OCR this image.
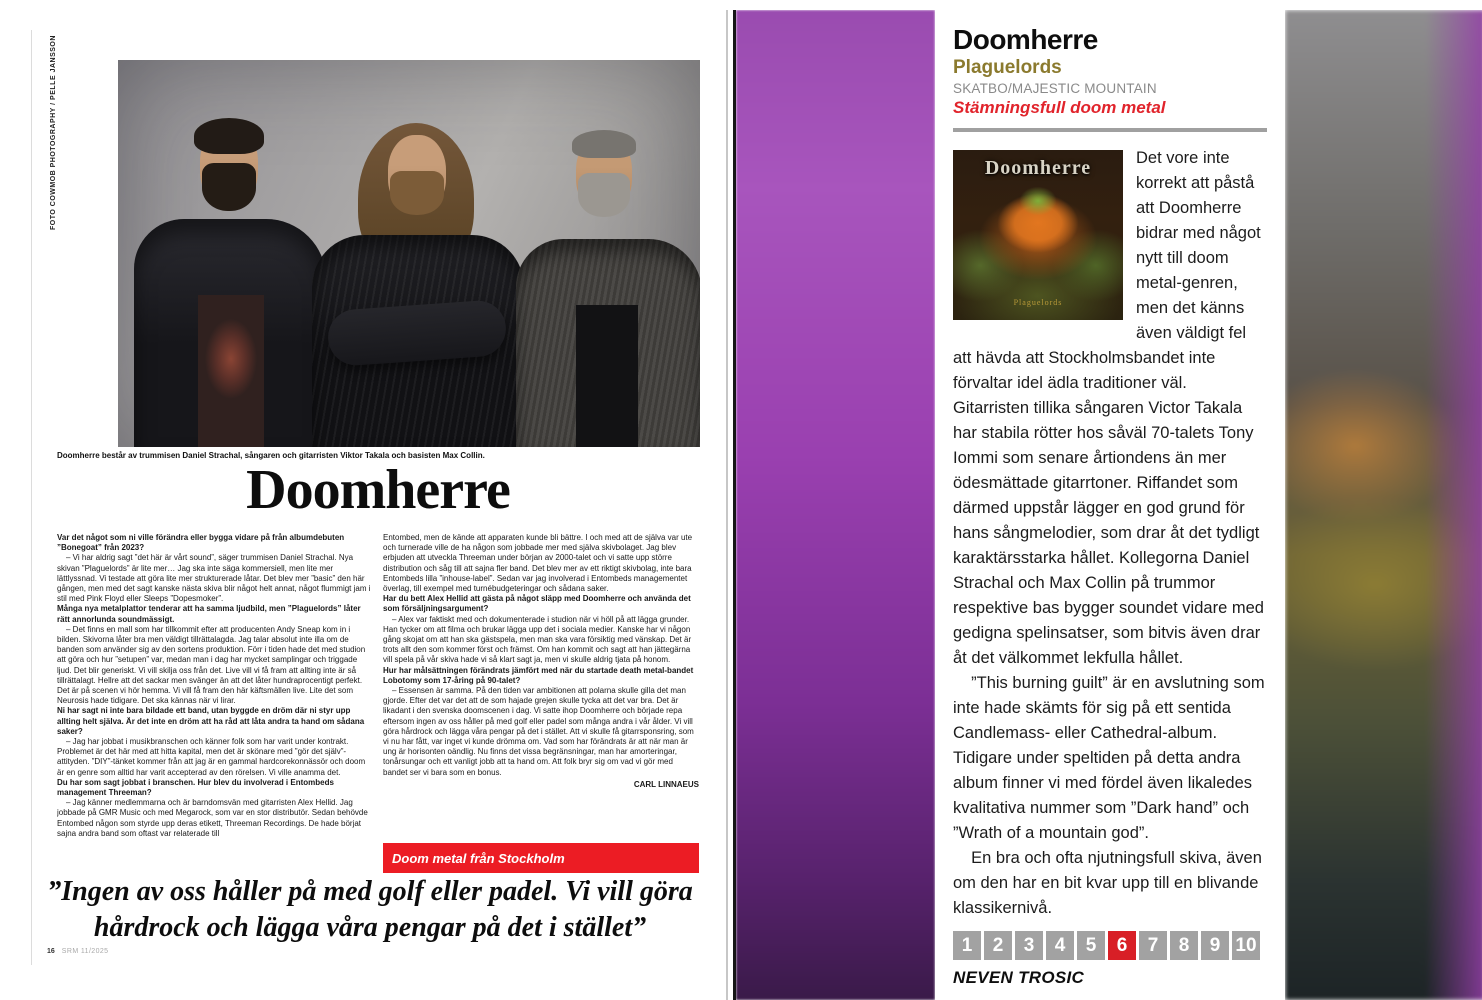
FOTO COWMOB PHOTOGRAPHY / PELLE JANSSON
Doomherre består av trummisen Daniel Strachal, sångaren och gitarristen Viktor Takala och basisten Max Collin.
Doomherre

Var det något som ni ville förändra eller bygga vidare på från albumdebuten ”Bonegoat” från 2023?

– Vi har aldrig sagt ”det här är vårt sound”, säger trummisen Daniel Strachal. Nya skivan ”Plaguelords” är lite mer… Jag ska inte säga kommersiell, men lite mer lättlyssnad. Vi testade att göra lite mer strukturerade låtar. Det blev mer ”basic” den här gången, men med det sagt kanske nästa skiva blir något helt annat, något flummigt jam i stil med Pink Floyd eller Sleeps ”Dopesmoker”.

Många nya metalplattor tenderar att ha samma ljudbild, men ”Plaguelords” låter rätt annorlunda soundmässigt.

– Det finns en mall som har tillkommit efter att producenten Andy Sneap kom in i bilden. Skivorna låter bra men väldigt tillrättalagda. Jag talar absolut inte illa om de banden som använder sig av den sortens produktion. Förr i tiden hade det med studion att göra och hur ”setupen” var, medan man i dag har mycket samplingar och triggade ljud. Det blir generiskt. Vi vill skilja oss från det. Live vill vi få fram att allting inte är så tillrättalagt. Hellre att det sackar men svänger än att det låter hundraprocentigt perfekt. Det är på scenen vi hör hemma. Vi vill få fram den här käftsmällen live. Lite det som Neurosis hade tidigare. Det ska kännas när vi lirar.

Ni har sagt ni inte bara bildade ett band, utan byggde en dröm där ni styr upp allting helt själva. Är det inte en dröm att ha råd att låta andra ta hand om sådana saker?

– Jag har jobbat i musikbranschen och känner folk som har varit under kontrakt. Problemet är det här med att hitta kapital, men det är skönare med ”gör det själv”-attityden. ”DIY”-tänket kommer från att jag är en gammal hardcorekonnässör och doom är en genre som alltid har varit accepterad av den rörelsen. Vi ville anamma det.

Du har som sagt jobbat i branschen. Hur blev du involverad i Entombeds management Threeman?

– Jag känner medlemmarna och är barndomsvän med gitarristen Alex Hellid. Jag jobbade på GMR Music och med Megarock, som var en stor distributör. Sedan behövde Entombed någon som styrde upp deras etikett, Threeman Recordings. De hade börjat sajna andra band som oftast var relaterade till

Entombed, men de kände att apparaten kunde bli bättre. I och med att de själva var ute och turnerade ville de ha någon som jobbade mer med själva skivbolaget. Jag blev erbjuden att utveckla Threeman under början av 2000-talet och vi satte upp större distribution och såg till att sajna fler band. Det blev mer av ett riktigt skivbolag, inte bara Entombeds lilla ”inhouse-label”. Sedan var jag involverad i Entombeds managementet överlag, till exempel med turnébudgeteringar och sådana saker.

Har du bett Alex Hellid att gästa på något släpp med Doomherre och använda det som försäljningsargument?

– Alex var faktiskt med och dokumenterade i studion när vi höll på att lägga grunder. Han tycker om att filma och brukar lägga upp det i sociala medier. Kanske har vi någon gång skojat om att han ska gästspela, men man ska vara försiktig med vänskap. Det är trots allt den som kommer först och främst. Om han kommit och sagt att han jättegärna vill spela på vår skiva hade vi så klart sagt ja, men vi skulle aldrig tjata på honom.

Hur har målsättningen förändrats jämfört med när du startade death metal-bandet Lobotomy som 17-åring på 90-talet?

– Essensen är samma. På den tiden var ambitionen att polarna skulle gilla det man gjorde. Efter det var det att de som hajade grejen skulle tycka att det var bra. Det är likadant i den svenska doomscenen i dag. Vi satte ihop Doomherre och började repa eftersom ingen av oss håller på med golf eller padel som många andra i vår ålder. Vi vill göra hårdrock och lägga våra pengar på det i stället. Att vi skulle få gitarrsponsring, som vi nu har fått, var inget vi kunde drömma om. Vad som har förändrats är att när man är ung är horisonten oändlig. Nu finns det vissa begränsningar, man har amorteringar, tonårsungar och ett vanligt jobb att ta hand om. Att folk bryr sig om vad vi gör med bandet ser vi bara som en bonus.

CARL LINNAEUS

Doom metal från Stockholm

”Ingen av oss håller på med golf eller padel. Vi vill göra hårdrock och lägga våra pengar på det i stället”

16 SRM 11/2025
Doomherre
Plaguelords
SKATBO/MAJESTIC MOUNTAIN
Stämningsfull doom metal
Doomherre
Plaguelords

Det vore inte korrekt att påstå att Doomherre bidrar med något nytt till doom metal-genren, men det känns även väldigt fel att hävda att Stockholmsbandet inte förvaltar idel ädla traditioner väl. Gitarristen tillika sångaren Victor Takala har stabila rötter hos såväl 70-talets Tony Iommi som senare årtiondens än mer ödesmättade gitarrtoner. Riffandet som därmed uppstår lägger en god grund för hans sångmelodier, som drar åt det tydligt karaktärsstarka hållet. Kollegorna Daniel Strachal och Max Collin på trummor respektive bas bygger soundet vidare med gedigna spelinsatser, som bitvis även drar åt det välkommet lekfulla hållet.

”This burning guilt” är en avslutning som inte hade skämts för sig på ett sentida Candlemass- eller Cathedral-album. Tidigare under speltiden på detta andra album finner vi med fördel även likaledes kvalitativa nummer som ”Dark hand” och ”Wrath of a mountain god”.

En bra och ofta njutningsfull skiva, även om den har en bit kvar upp till en blivande klassikernivå.

1	2	3	4	5	6	7	8	9 10
NEVEN TROSIC
